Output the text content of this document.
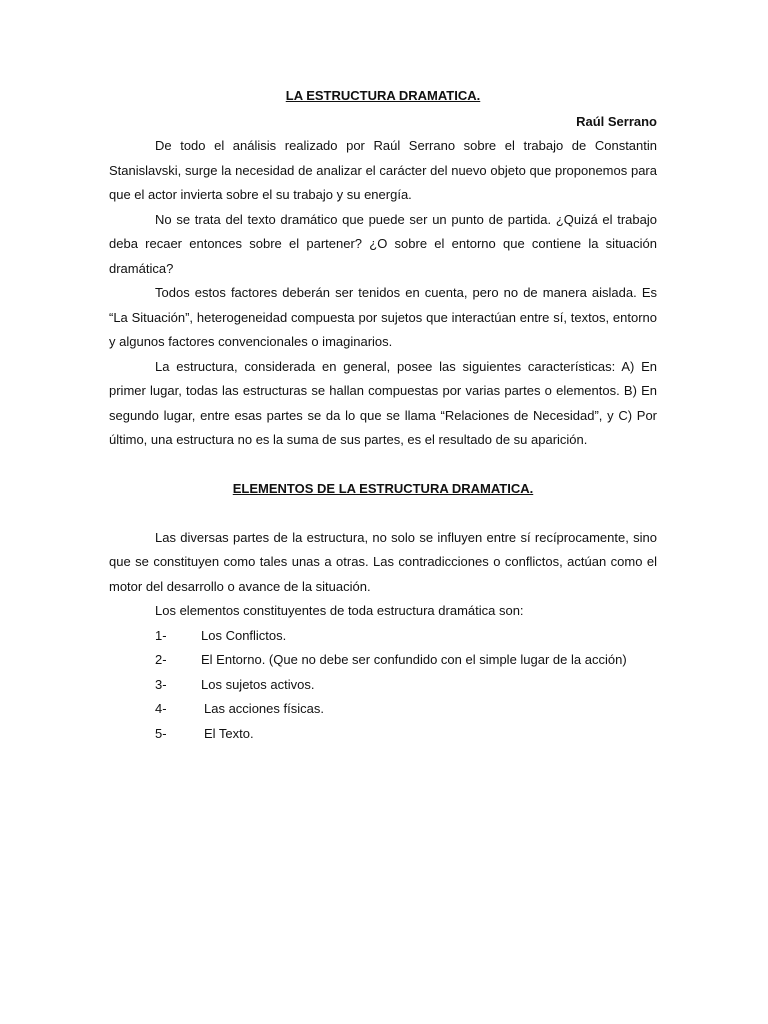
LA ESTRUCTURA DRAMATICA.

Raúl Serrano

De todo el análisis realizado por Raúl Serrano sobre el trabajo de Constantin Stanislavski, surge la necesidad de analizar el carácter del nuevo objeto que proponemos para que el actor invierta sobre el su trabajo y su energía.

No se trata del texto dramático que puede ser un punto de partida. ¿Quizá el trabajo deba recaer entonces sobre el partener? ¿O sobre el entorno que contiene la situación dramática?

Todos estos factores deberán ser tenidos en cuenta, pero no de manera aislada. Es “La Situación”, heterogeneidad compuesta por sujetos que interactúan entre sí, textos, entorno y algunos factores convencionales o imaginarios.

La estructura, considerada en general, posee las siguientes características: A) En primer lugar, todas las estructuras se hallan compuestas por varias partes o elementos. B) En segundo lugar, entre esas partes se da lo que se llama “Relaciones de Necesidad”, y C) Por último, una estructura no es la suma de sus partes, es el resultado de su aparición.

ELEMENTOS DE LA ESTRUCTURA DRAMATICA.

Las diversas partes de la estructura, no solo se influyen entre sí recíprocamente, sino que se constituyen como tales unas a otras. Las contradicciones o conflictos, actúan como el motor del desarrollo o avance de la situación.

Los elementos constituyentes de toda estructura dramática son:

1-	Los Conflictos.
2-	El Entorno. (Que no debe ser confundido con el simple lugar de la acción)
3-	Los sujetos activos.
4-	Las acciones físicas.
5-	El Texto.
